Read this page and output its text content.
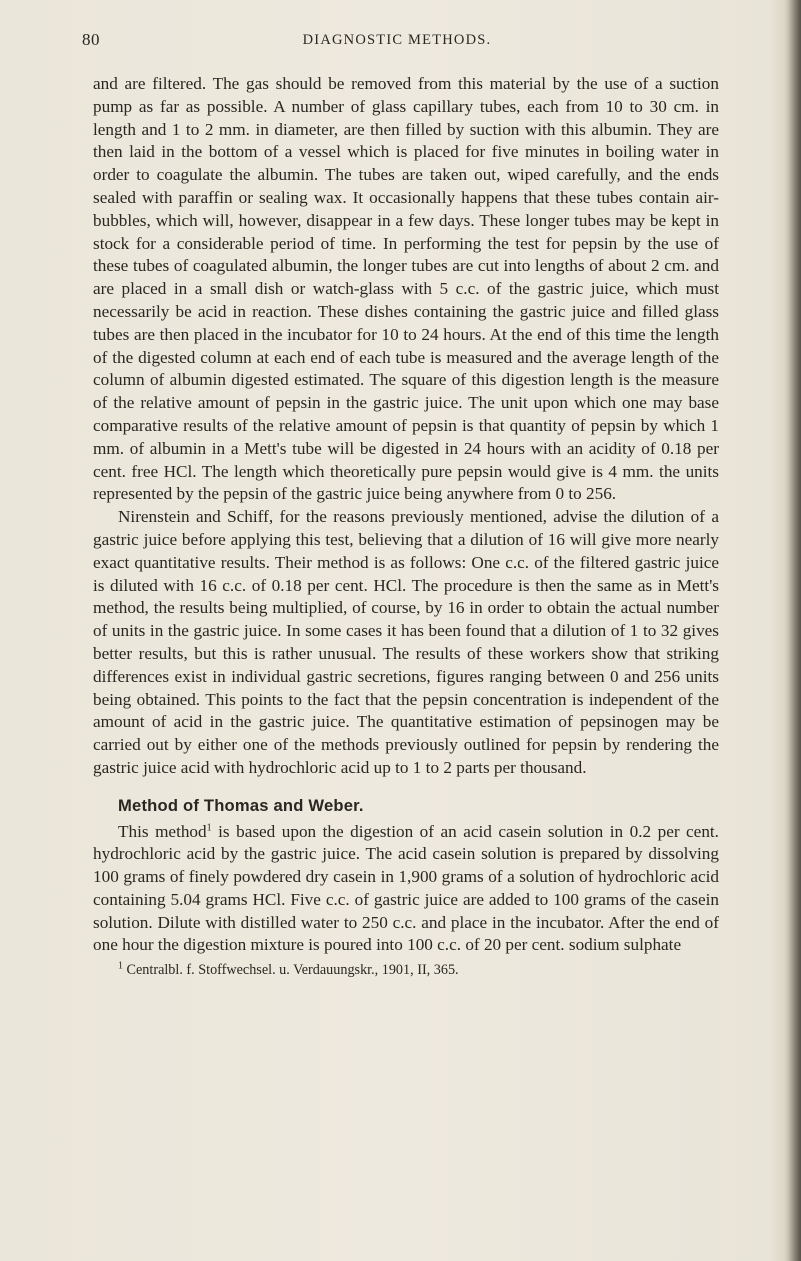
80	DIAGNOSTIC METHODS.

and are filtered. The gas should be removed from this material by the use of a suction pump as far as possible. A number of glass capillary tubes, each from 10 to 30 cm. in length and 1 to 2 mm. in diameter, are then filled by suction with this albumin. They are then laid in the bottom of a vessel which is placed for five minutes in boiling water in order to coagulate the albumin. The tubes are taken out, wiped carefully, and the ends sealed with paraffin or sealing wax. It occasionally happens that these tubes contain air-bubbles, which will, however, disappear in a few days. These longer tubes may be kept in stock for a considerable period of time. In performing the test for pepsin by the use of these tubes of coagulated albumin, the longer tubes are cut into lengths of about 2 cm. and are placed in a small dish or watch-glass with 5 c.c. of the gastric juice, which must necessarily be acid in reaction. These dishes containing the gastric juice and filled glass tubes are then placed in the incubator for 10 to 24 hours. At the end of this time the length of the digested column at each end of each tube is measured and the average length of the column of albumin digested estimated. The square of this digestion length is the measure of the relative amount of pepsin in the gastric juice. The unit upon which one may base comparative results of the relative amount of pepsin is that quantity of pepsin by which 1 mm. of albumin in a Mett's tube will be digested in 24 hours with an acidity of 0.18 per cent. free HCl. The length which theoretically pure pepsin would give is 4 mm. the units represented by the pepsin of the gastric juice being anywhere from 0 to 256.

Nirenstein and Schiff, for the reasons previously mentioned, advise the dilution of a gastric juice before applying this test, believing that a dilution of 16 will give more nearly exact quantitative results. Their method is as follows: One c.c. of the filtered gastric juice is diluted with 16 c.c. of 0.18 per cent. HCl. The procedure is then the same as in Mett's method, the results being multiplied, of course, by 16 in order to obtain the actual number of units in the gastric juice. In some cases it has been found that a dilution of 1 to 32 gives better results, but this is rather unusual. The results of these workers show that striking differences exist in individual gastric secretions, figures ranging between 0 and 256 units being obtained. This points to the fact that the pepsin concentration is independent of the amount of acid in the gastric juice. The quantitative estimation of pepsinogen may be carried out by either one of the methods previously outlined for pepsin by rendering the gastric juice acid with hydrochloric acid up to 1 to 2 parts per thousand.

Method of Thomas and Weber.

This method$^1$ is based upon the digestion of an acid casein solution in 0.2 per cent. hydrochloric acid by the gastric juice. The acid casein solution is prepared by dissolving 100 grams of finely powdered dry casein in 1,900 grams of a solution of hydrochloric acid containing 5.04 grams HCl. Five c.c. of gastric juice are added to 100 grams of the casein solution. Dilute with distilled water to 250 c.c. and place in the incubator. After the end of one hour the digestion mixture is poured into 100 c.c. of 20 per cent. sodium sulphate

$^1$ Centralbl. f. Stoffwechsel. u. Verdauungskr., 1901, II, 365.
